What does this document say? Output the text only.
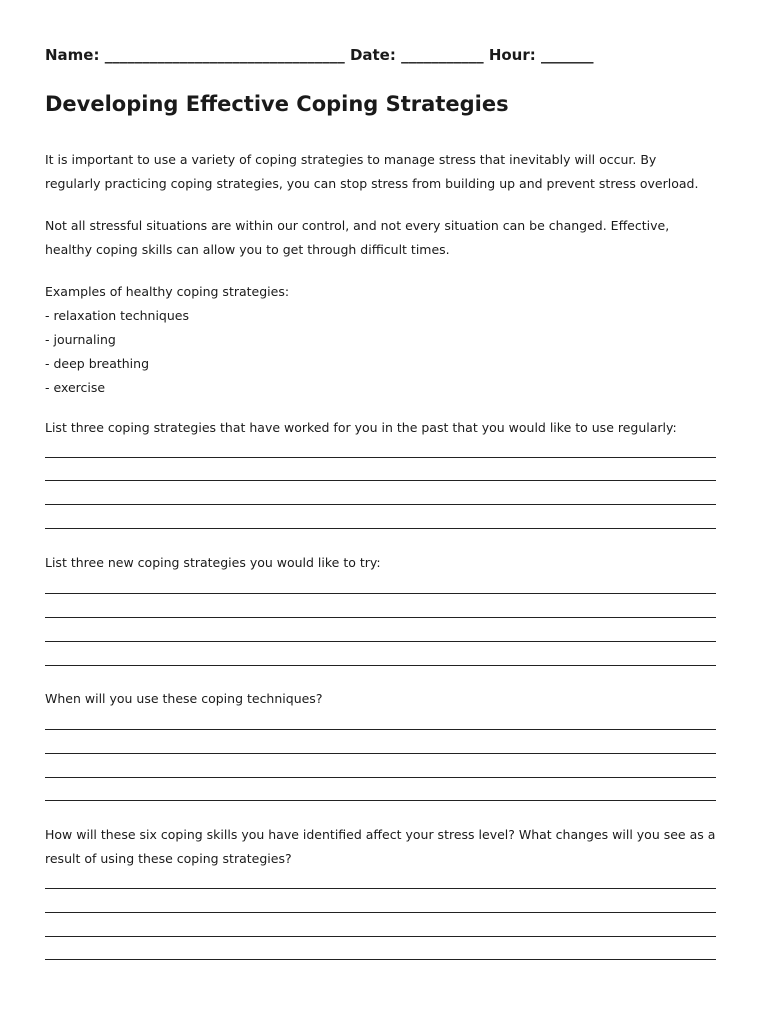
Name: ________________________________ Date: ___________ Hour: _______
Developing Effective Coping Strategies

It is important to use a variety of coping strategies to manage stress that inevitably will occur. By
regularly practicing coping strategies, you can stop stress from building up and prevent stress overload.

Not all stressful situations are within our control, and not every situation can be changed. Effective,
healthy coping skills can allow you to get through difficult times.

Examples of healthy coping strategies:
- relaxation techniques
- journaling
- deep breathing
- exercise

List three coping strategies that have worked for you in the past that you would like to use regularly:

List three new coping strategies you would like to try:

When will you use these coping techniques?

How will these six coping skills you have identified affect your stress level? What changes will you see as a
result of using these coping strategies?
